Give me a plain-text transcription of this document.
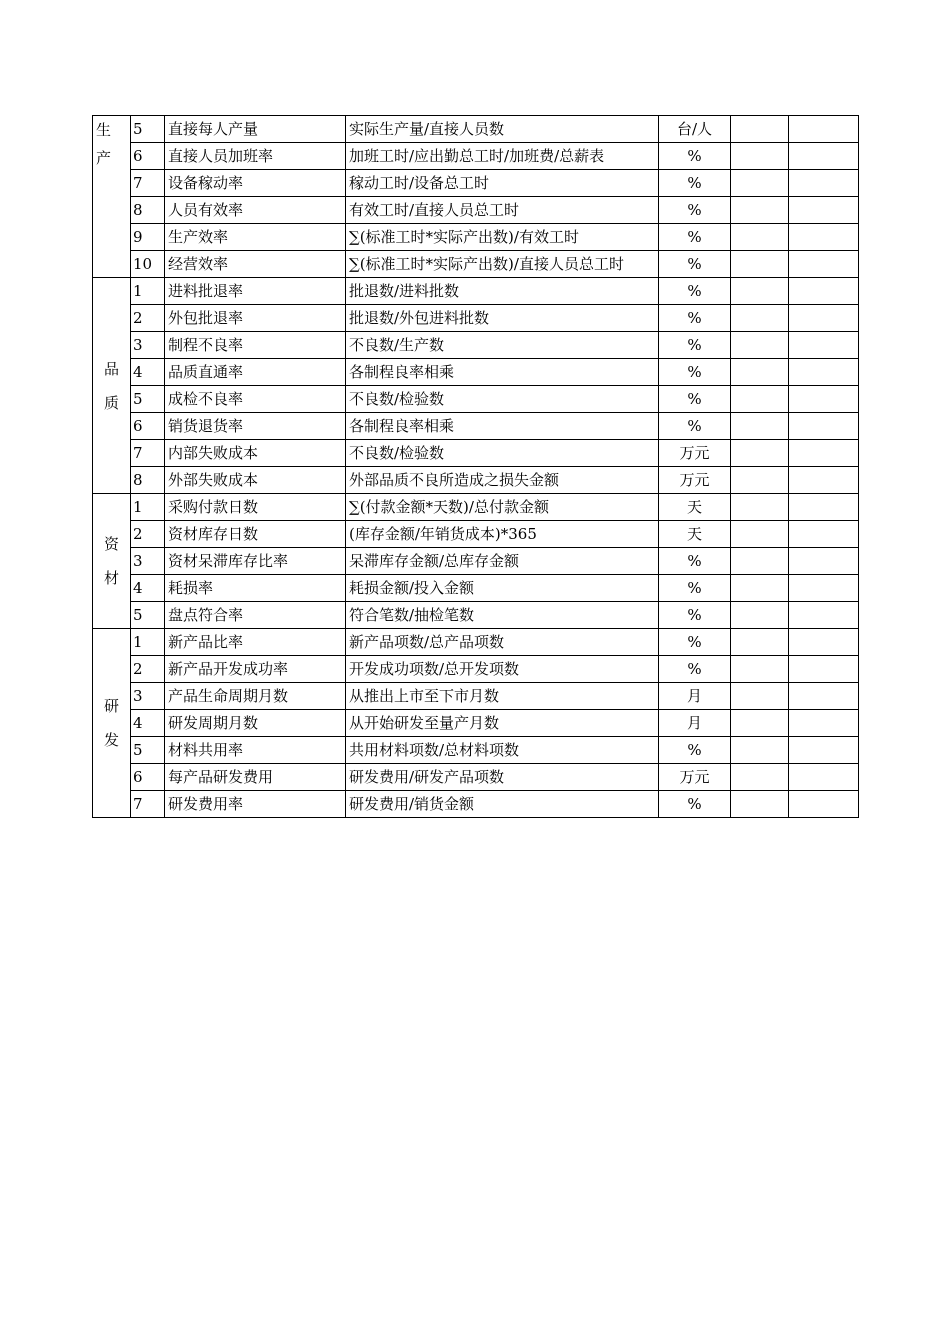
生
产	5	直接每人产量	实际生产量/直接人员数	台/人		
	6	直接人员加班率	加班工时/应出勤总工时/加班费/总薪表	%		
	7	设备稼动率	稼动工时/设备总工时	%		
	8	人员有效率	有效工时/直接人员总工时	%		
	9	生产效率	∑(标准工时*实际产出数)/有效工时	%		
	10	经营效率	∑(标准工时*实际产出数)/直接人员总工时	%		

品
质	1	进料批退率	批退数/进料批数	%		
	2	外包批退率	批退数/外包进料批数	%		
	3	制程不良率	不良数/生产数	%		
	4	品质直通率	各制程良率相乘	%		
	5	成检不良率	不良数/检验数	%		
	6	销货退货率	各制程良率相乘	%		
	7	内部失败成本	不良数/检验数	万元		
	8	外部失败成本	外部品质不良所造成之损失金额	万元		

资
材	1	采购付款日数	∑(付款金额*天数)/总付款金额	天		
	2	资材库存日数	(库存金额/年销货成本)*365	天		
	3	资材呆滞库存比率	呆滞库存金额/总库存金额	%		
	4	耗损率	耗损金额/投入金额	%		
	5	盘点符合率	符合笔数/抽检笔数	%		

研
发	1	新产品比率	新产品项数/总产品项数	%		
	2	新产品开发成功率	开发成功项数/总开发项数	%		
	3	产品生命周期月数	从推出上市至下市月数	月		
	4	研发周期月数	从开始研发至量产月数	月		
	5	材料共用率	共用材料项数/总材料项数	%		
	6	每产品研发费用	研发费用/研发产品项数	万元		
	7	研发费用率	研发费用/销货金额	%		
